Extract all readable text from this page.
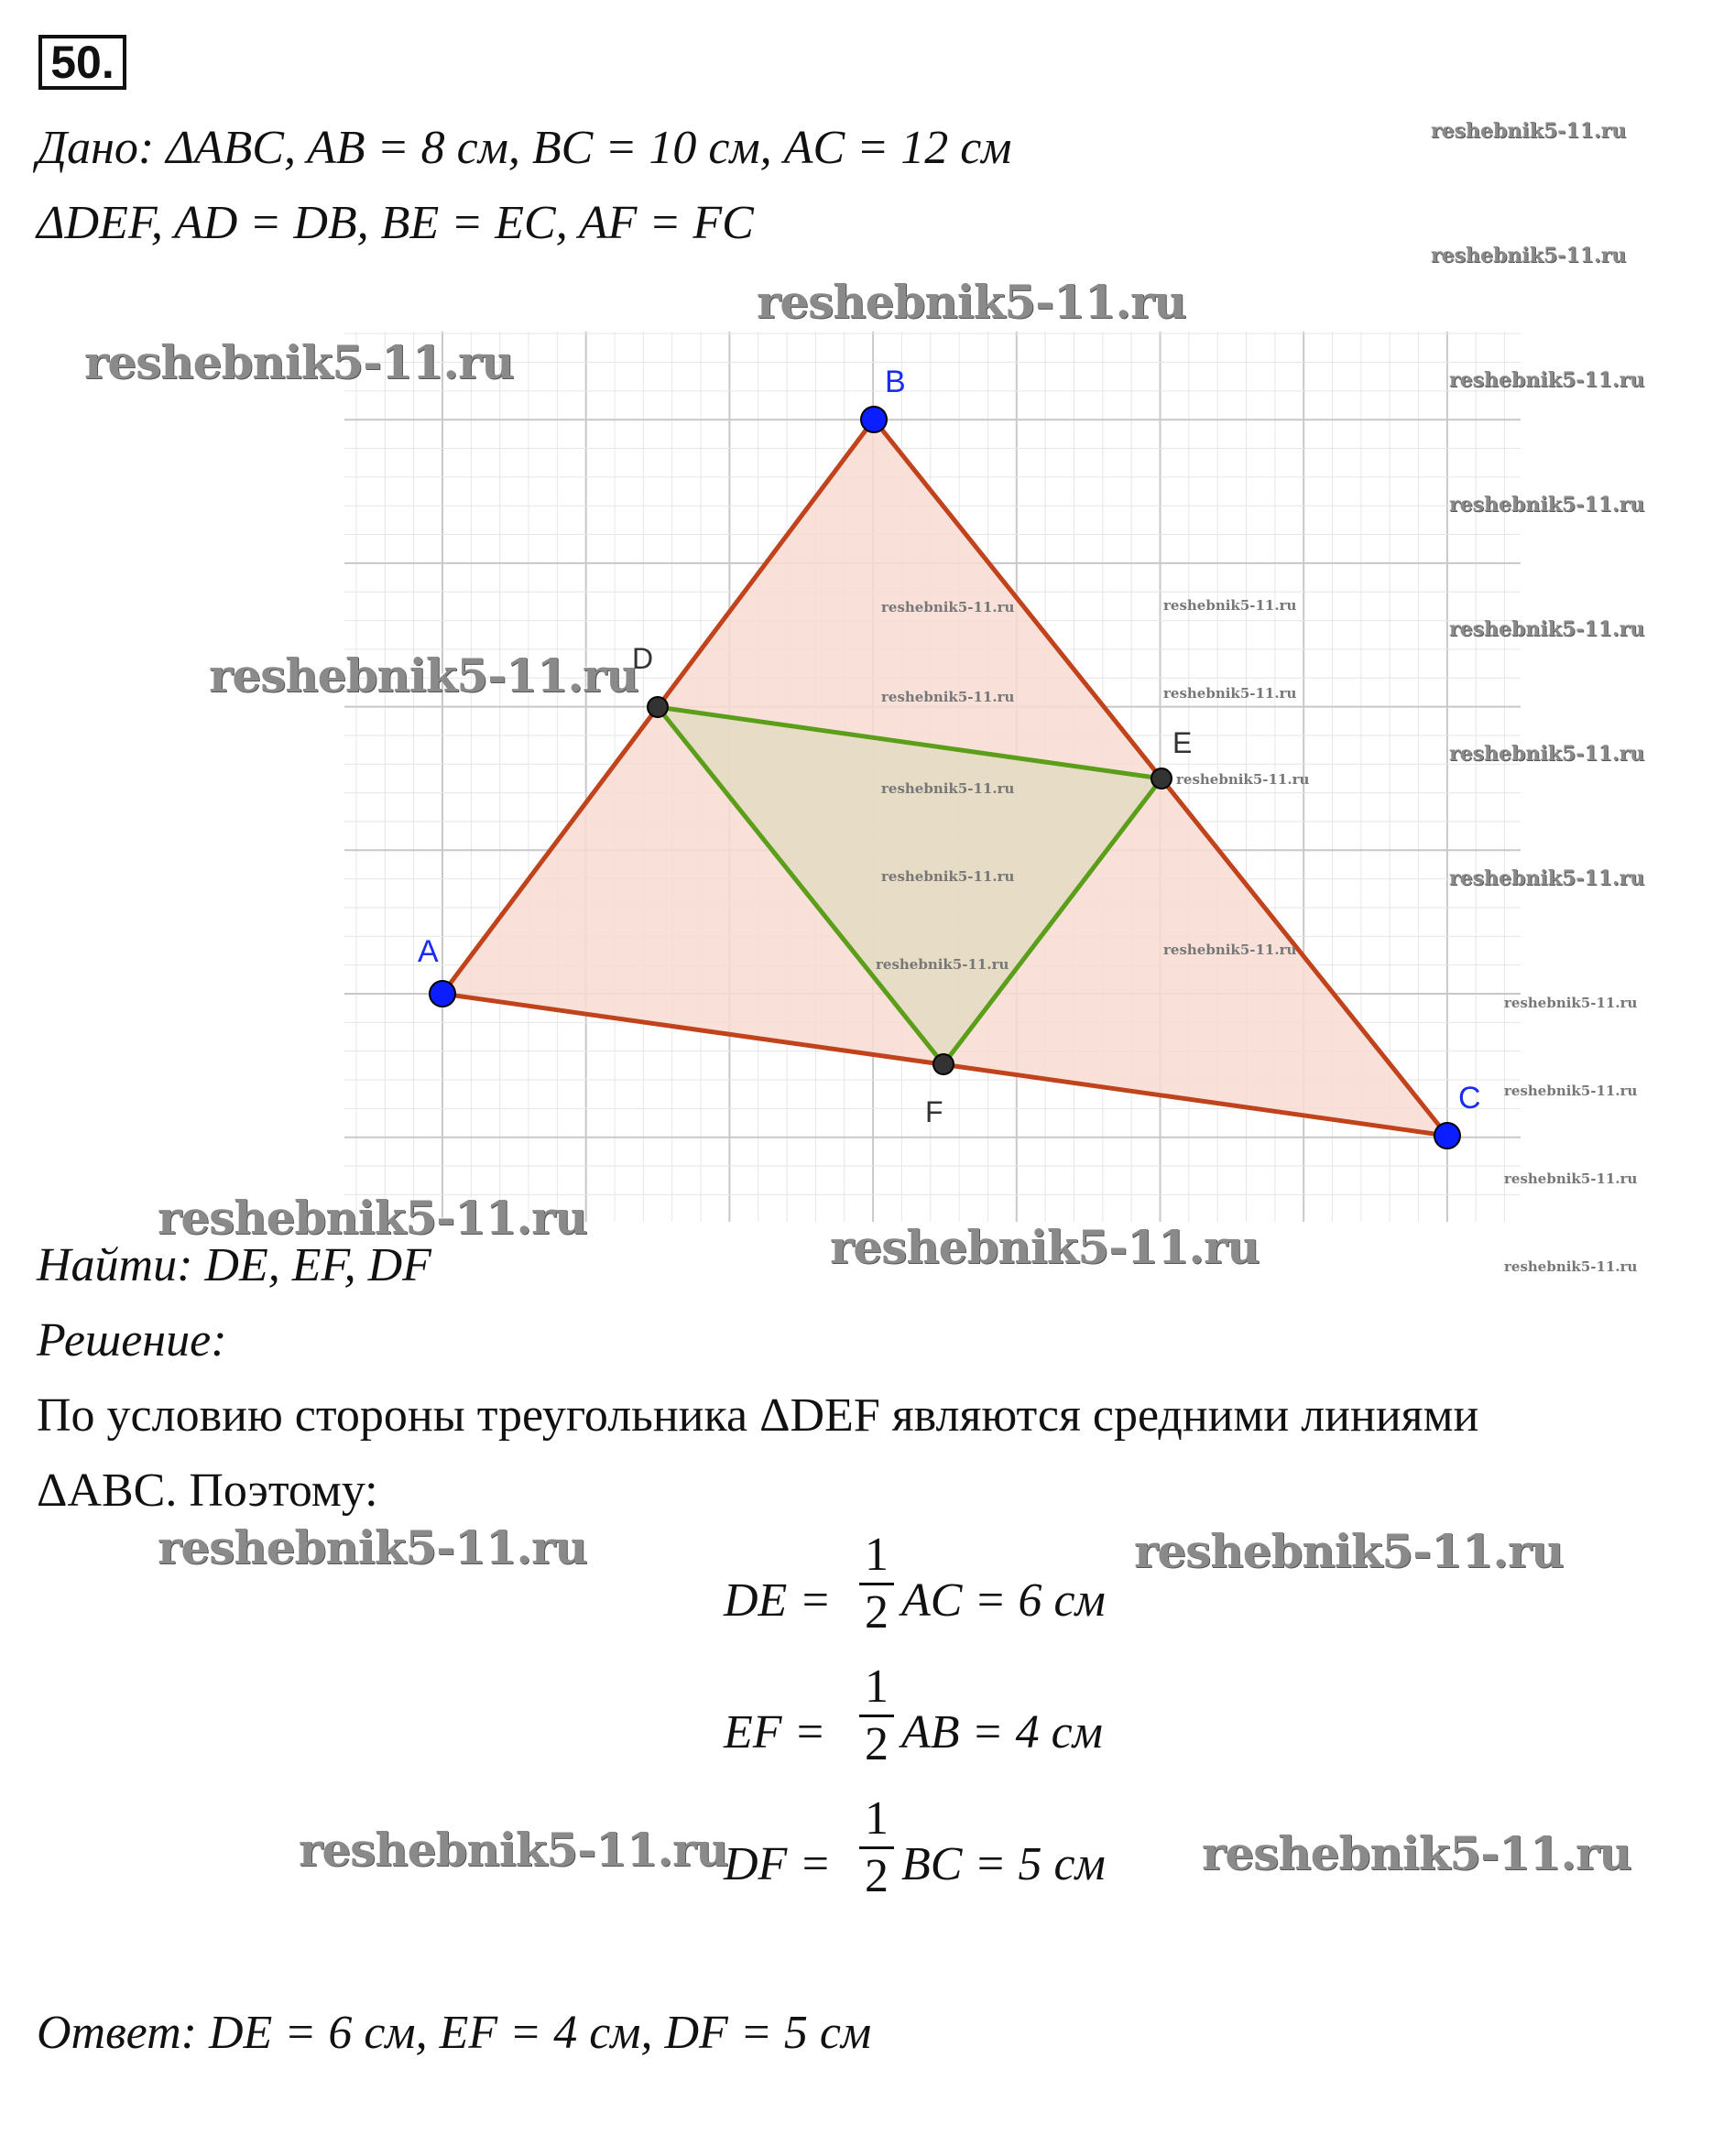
50.
Дано: ΔABC, AB = 8 см, BC = 10 см, AC = 12 см
ΔDEF, AD = DB, BE = EC, AF = FC
A
B
C
D
E
F
Найти: DE, EF, DF
Решение:
По условию стороны треугольника ΔDEF являются средними линиями
ΔABC. Поэтому:
DE =
1
2 AC = 6 см
EF =
1
2 AB = 4 см
DF =
1
2 BC = 5 см
Ответ: DE = 6 см, EF = 4 см, DF = 5 см
reshebnik5-11.ru
reshebnik5-11.ru
reshebnik5-11.ru
reshebnik5-11.ru	reshebnik5-11.ru
reshebnik5-11.ru
reshebnik5-11.ru
reshebnik5-11.ru
reshebnik5-11.ru
reshebnik5-11.ru
reshebnik5-11.ru	reshebnik5-11.ru
reshebnik5-11.ru	reshebnik5-11.ru
reshebnik5-11.ru
reshebnik5-11.ru
reshebnik5-11.ru
reshebnik5-11.ru
reshebnik5-11.ru
reshebnik5-11.ru
reshebnik5-11.ru
reshebnik5-11.ru
reshebnik5-11.ru
reshebnik5-11.ru
reshebnik5-11.ru
reshebnik5-11.ru	reshebnik5-11.ru
reshebnik5-11.ru	reshebnik5-11.ru
